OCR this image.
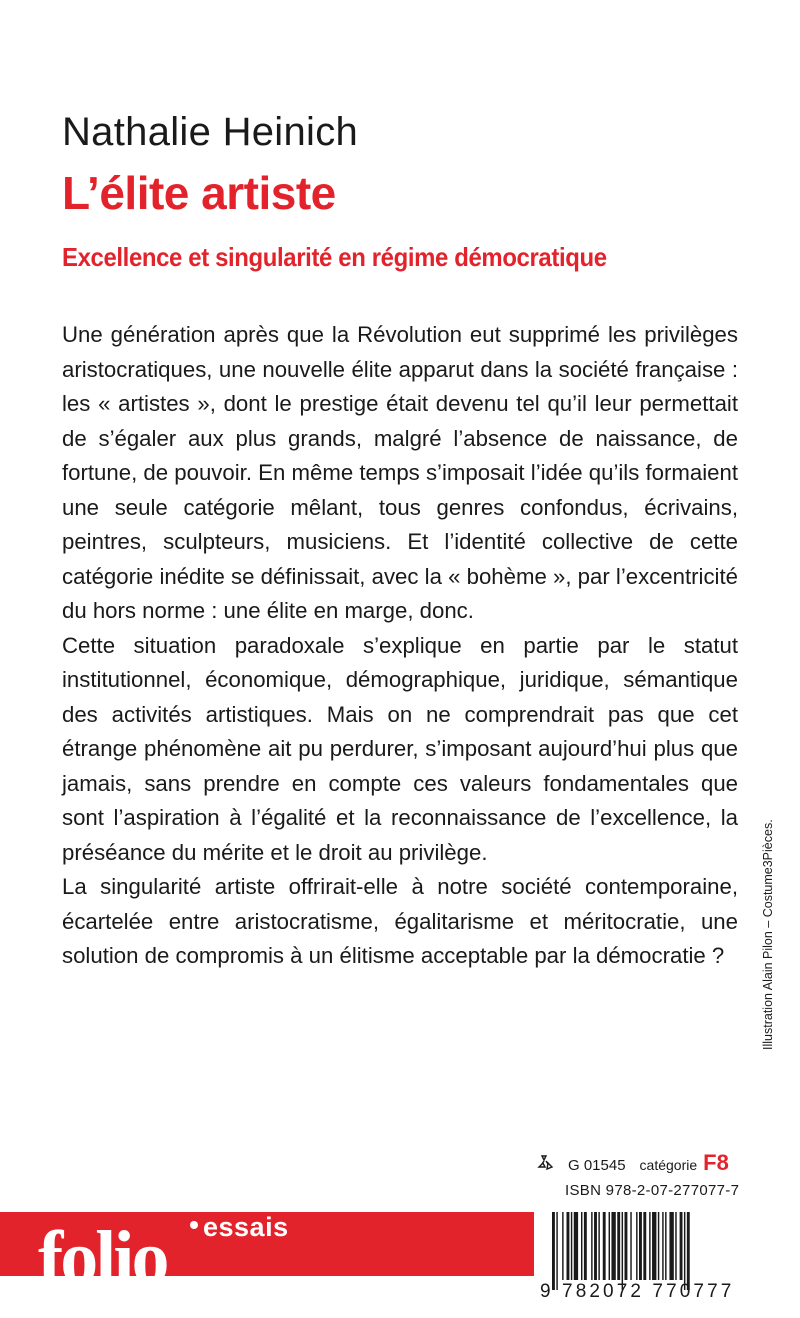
Nathalie Heinich
L’élite artiste
Excellence et singularité en régime démocratique

Une génération après que la Révolution eut supprimé les privilèges aristocratiques, une nouvelle élite apparut dans la société française : les « artistes », dont le prestige était devenu tel qu’il leur permettait de s’égaler aux plus grands, malgré l’absence de naissance, de fortune, de pouvoir. En même temps s’imposait l’idée qu’ils formaient une seule catégorie mêlant, tous genres confondus, écrivains, peintres, sculpteurs, musiciens. Et l’identité collective de cette catégorie inédite se définissait, avec la « bohème », par l’excentricité du hors norme : une élite en marge, donc.

Cette situation paradoxale s’explique en partie par le statut institutionnel, économique, démographique, juridique, sémantique des activités artistiques. Mais on ne comprendrait pas que cet étrange phénomène ait pu perdurer, s’imposant aujourd’hui plus que jamais, sans prendre en compte ces valeurs fondamentales que sont l’aspiration à l’égalité et la reconnaissance de l’excellence, la préséance du mérite et le droit au privilège.

La singularité artiste offrirait-elle à notre société contemporaine, écartelée entre aristocratisme, égalitarisme et méritocratie, une solution de compromis à un élitisme acceptable par la démocratie ?	Illustration Alain Pilon – Costume3Pièces.
G 01545 catégorie F8
ISBN 978-2-07-277077-7
folio essais
9 782072 770777
